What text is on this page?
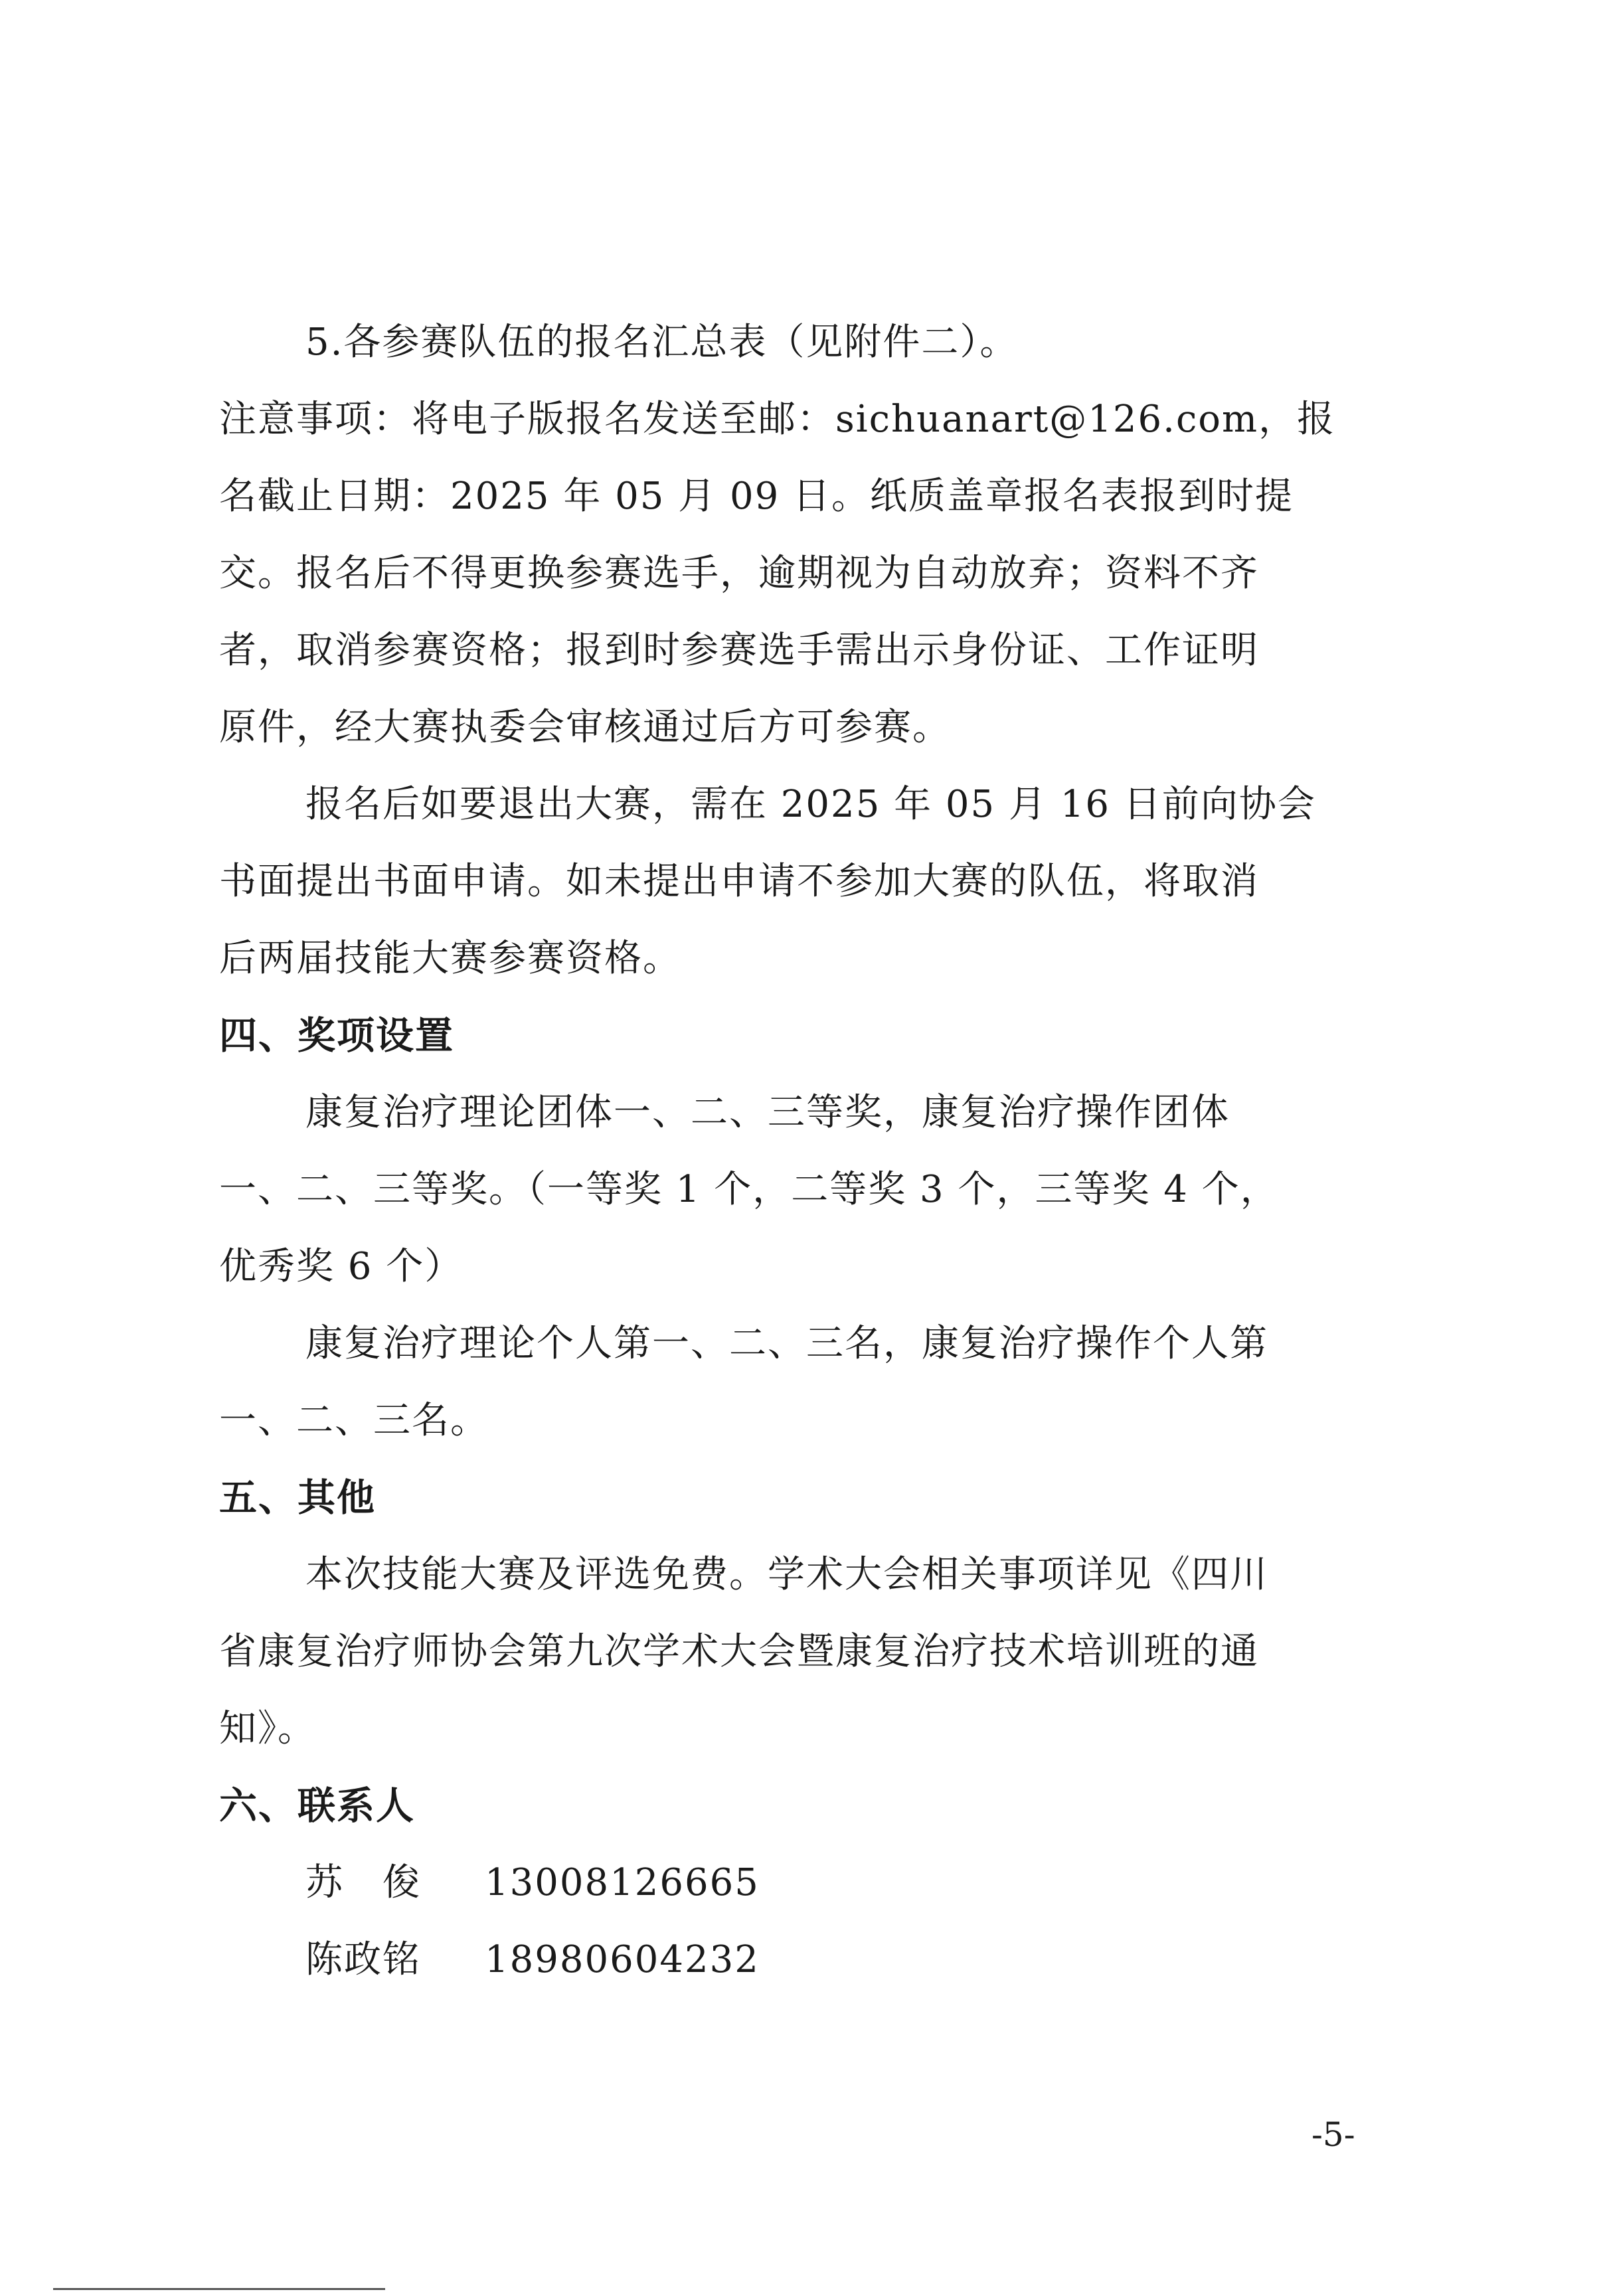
5.各参赛队伍的报名汇总表（见附件二）。
注意事项：将电子版报名发送至邮：sichuanart@126.com，报
名截止日期：2025 年 05 月 09 日。纸质盖章报名表报到时提
交。报名后不得更换参赛选手，逾期视为自动放弃；资料不齐
者，取消参赛资格；报到时参赛选手需出示身份证、工作证明
原件，经大赛执委会审核通过后方可参赛。
报名后如要退出大赛，需在 2025 年 05 月 16 日前向协会
书面提出书面申请。如未提出申请不参加大赛的队伍，将取消
后两届技能大赛参赛资格。
四、奖项设置
康复治疗理论团体一、二、三等奖，康复治疗操作团体
一、二、三等奖。（一等奖 1 个，二等奖 3 个，三等奖 4 个，
优秀奖 6 个）
康复治疗理论个人第一、二、三名，康复治疗操作个人第
一、二、三名。
五、其他
本次技能大赛及评选免费。学术大会相关事项详见《四川
省康复治疗师协会第九次学术大会暨康复治疗技术培训班的通
知》。
六、联系人
苏　俊 13008126665
陈政铭 18980604232
-5-
